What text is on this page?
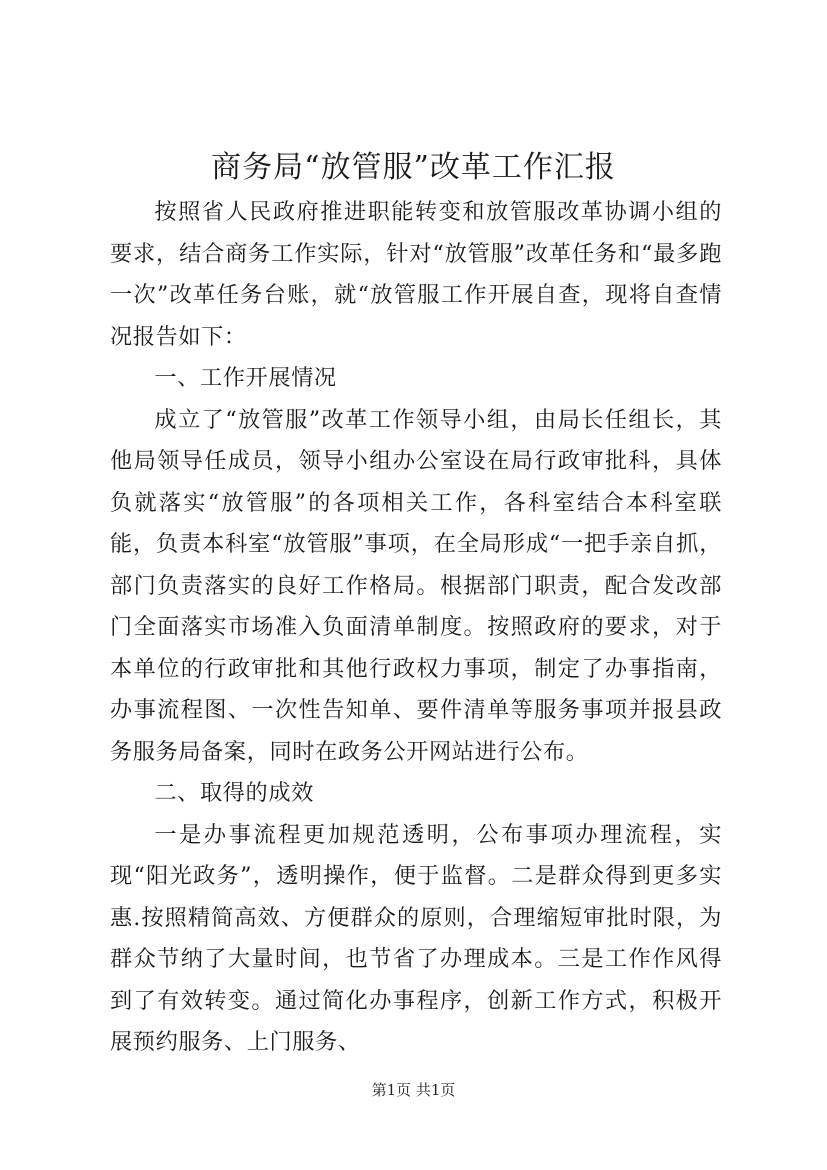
商务局“放管服”改革工作汇报

按照省人民政府推进职能转变和放管服改革协调小组的要求，结合商务工作实际，针对“放管服”改革任务和“最多跑一次”改革任务台账，就“放管服工作开展自查，现将自查情况报告如下：

一、工作开展情况

成立了“放管服”改革工作领导小组，由局长任组长，其他局领导任成员，领导小组办公室设在局行政审批科，具体负就落实“放管服”的各项相关工作，各科室结合本科室联能，负责本科室“放管服”事项，在全局形成“一把手亲自抓，部门负责落实的良好工作格局。根据部门职责，配合发改部门全面落实市场准入负面清单制度。按照政府的要求，对于本单位的行政审批和其他行政权力事项，制定了办事指南，办事流程图、一次性告知单、要件清单等服务事项并报县政务服务局备案，同时在政务公开网站进行公布。

二、取得的成效

一是办事流程更加规范透明，公布事项办理流程，实现“阳光政务”，透明操作，便于监督。二是群众得到更多实惠.按照精简高效、方便群众的原则，合理缩短审批时限，为群众节纳了大量时间，也节省了办理成本。三是工作作风得到了有效转变。通过简化办事程序，创新工作方式，积极开展预约服务、上门服务、

第1页 共1页
